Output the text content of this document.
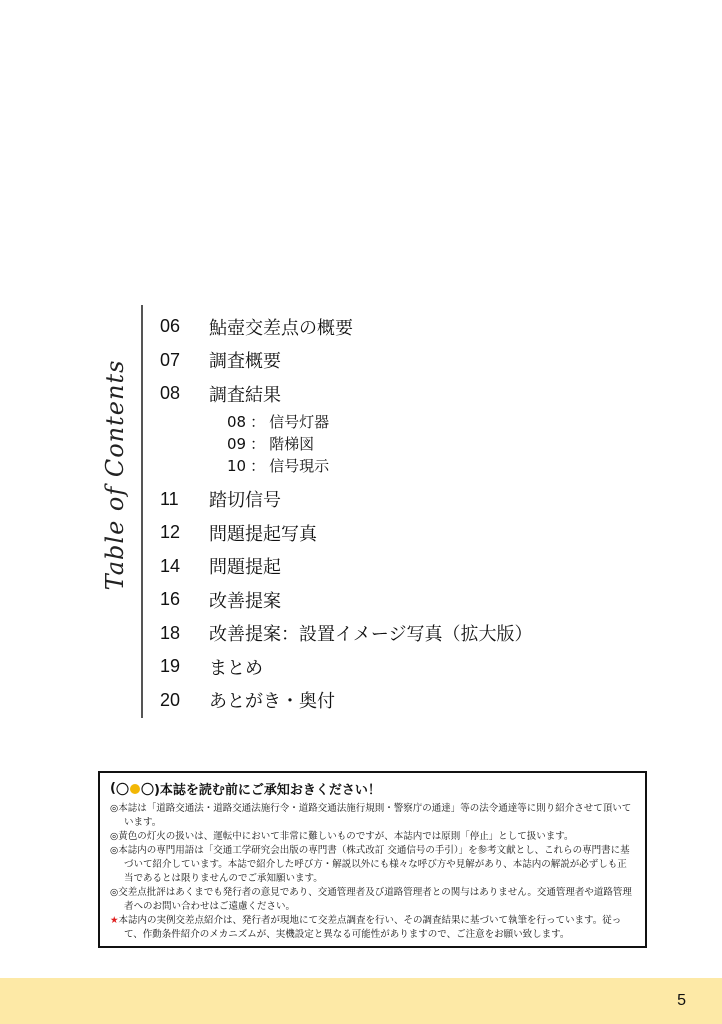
Table of Contents
06	鮎壺交差点の概要
07	調査概要
08	調査結果
08 ： 信号灯器
09 ： 階梯図
10 ： 信号現示
11	踏切信号
12	問題提起写真
14	問題提起
16	改善提案
18	改善提案：設置イメージ写真（拡大版）
19	まとめ
20	あとがき・奥付
( 〇 〇 )本誌を読む前にご承知おきください！

◎本誌は「道路交通法・道路交通法施行令・道路交通法施行規則・警察庁の通達」等の法令通達等に則り紹介させて頂いています。

◎黄色の灯火の扱いは、運転中において非常に難しいものですが、本誌内では原則「停止」として扱います。

◎本誌内の専門用語は「交通工学研究会出版の専門書（株式改訂 交通信号の手引）」を参考文献とし、これらの専門書に基づいて紹介しています。本誌で紹介した呼び方・解説以外にも様々な呼び方や見解があり、本誌内の解説が必ずしも正当であるとは限りませんのでご承知願います。

◎交差点批評はあくまでも発行者の意見であり、交通管理者及び道路管理者との関与はありません。交通管理者や道路管理者へのお問い合わせはご遠慮ください。

★本誌内の実例交差点紹介は、発行者が現地にて交差点調査を行い、その調査結果に基づいて執筆を行っています。従って、作動条件紹介のメカニズムが、実機設定と異なる可能性がありますので、ご注意をお願い致します。

5
